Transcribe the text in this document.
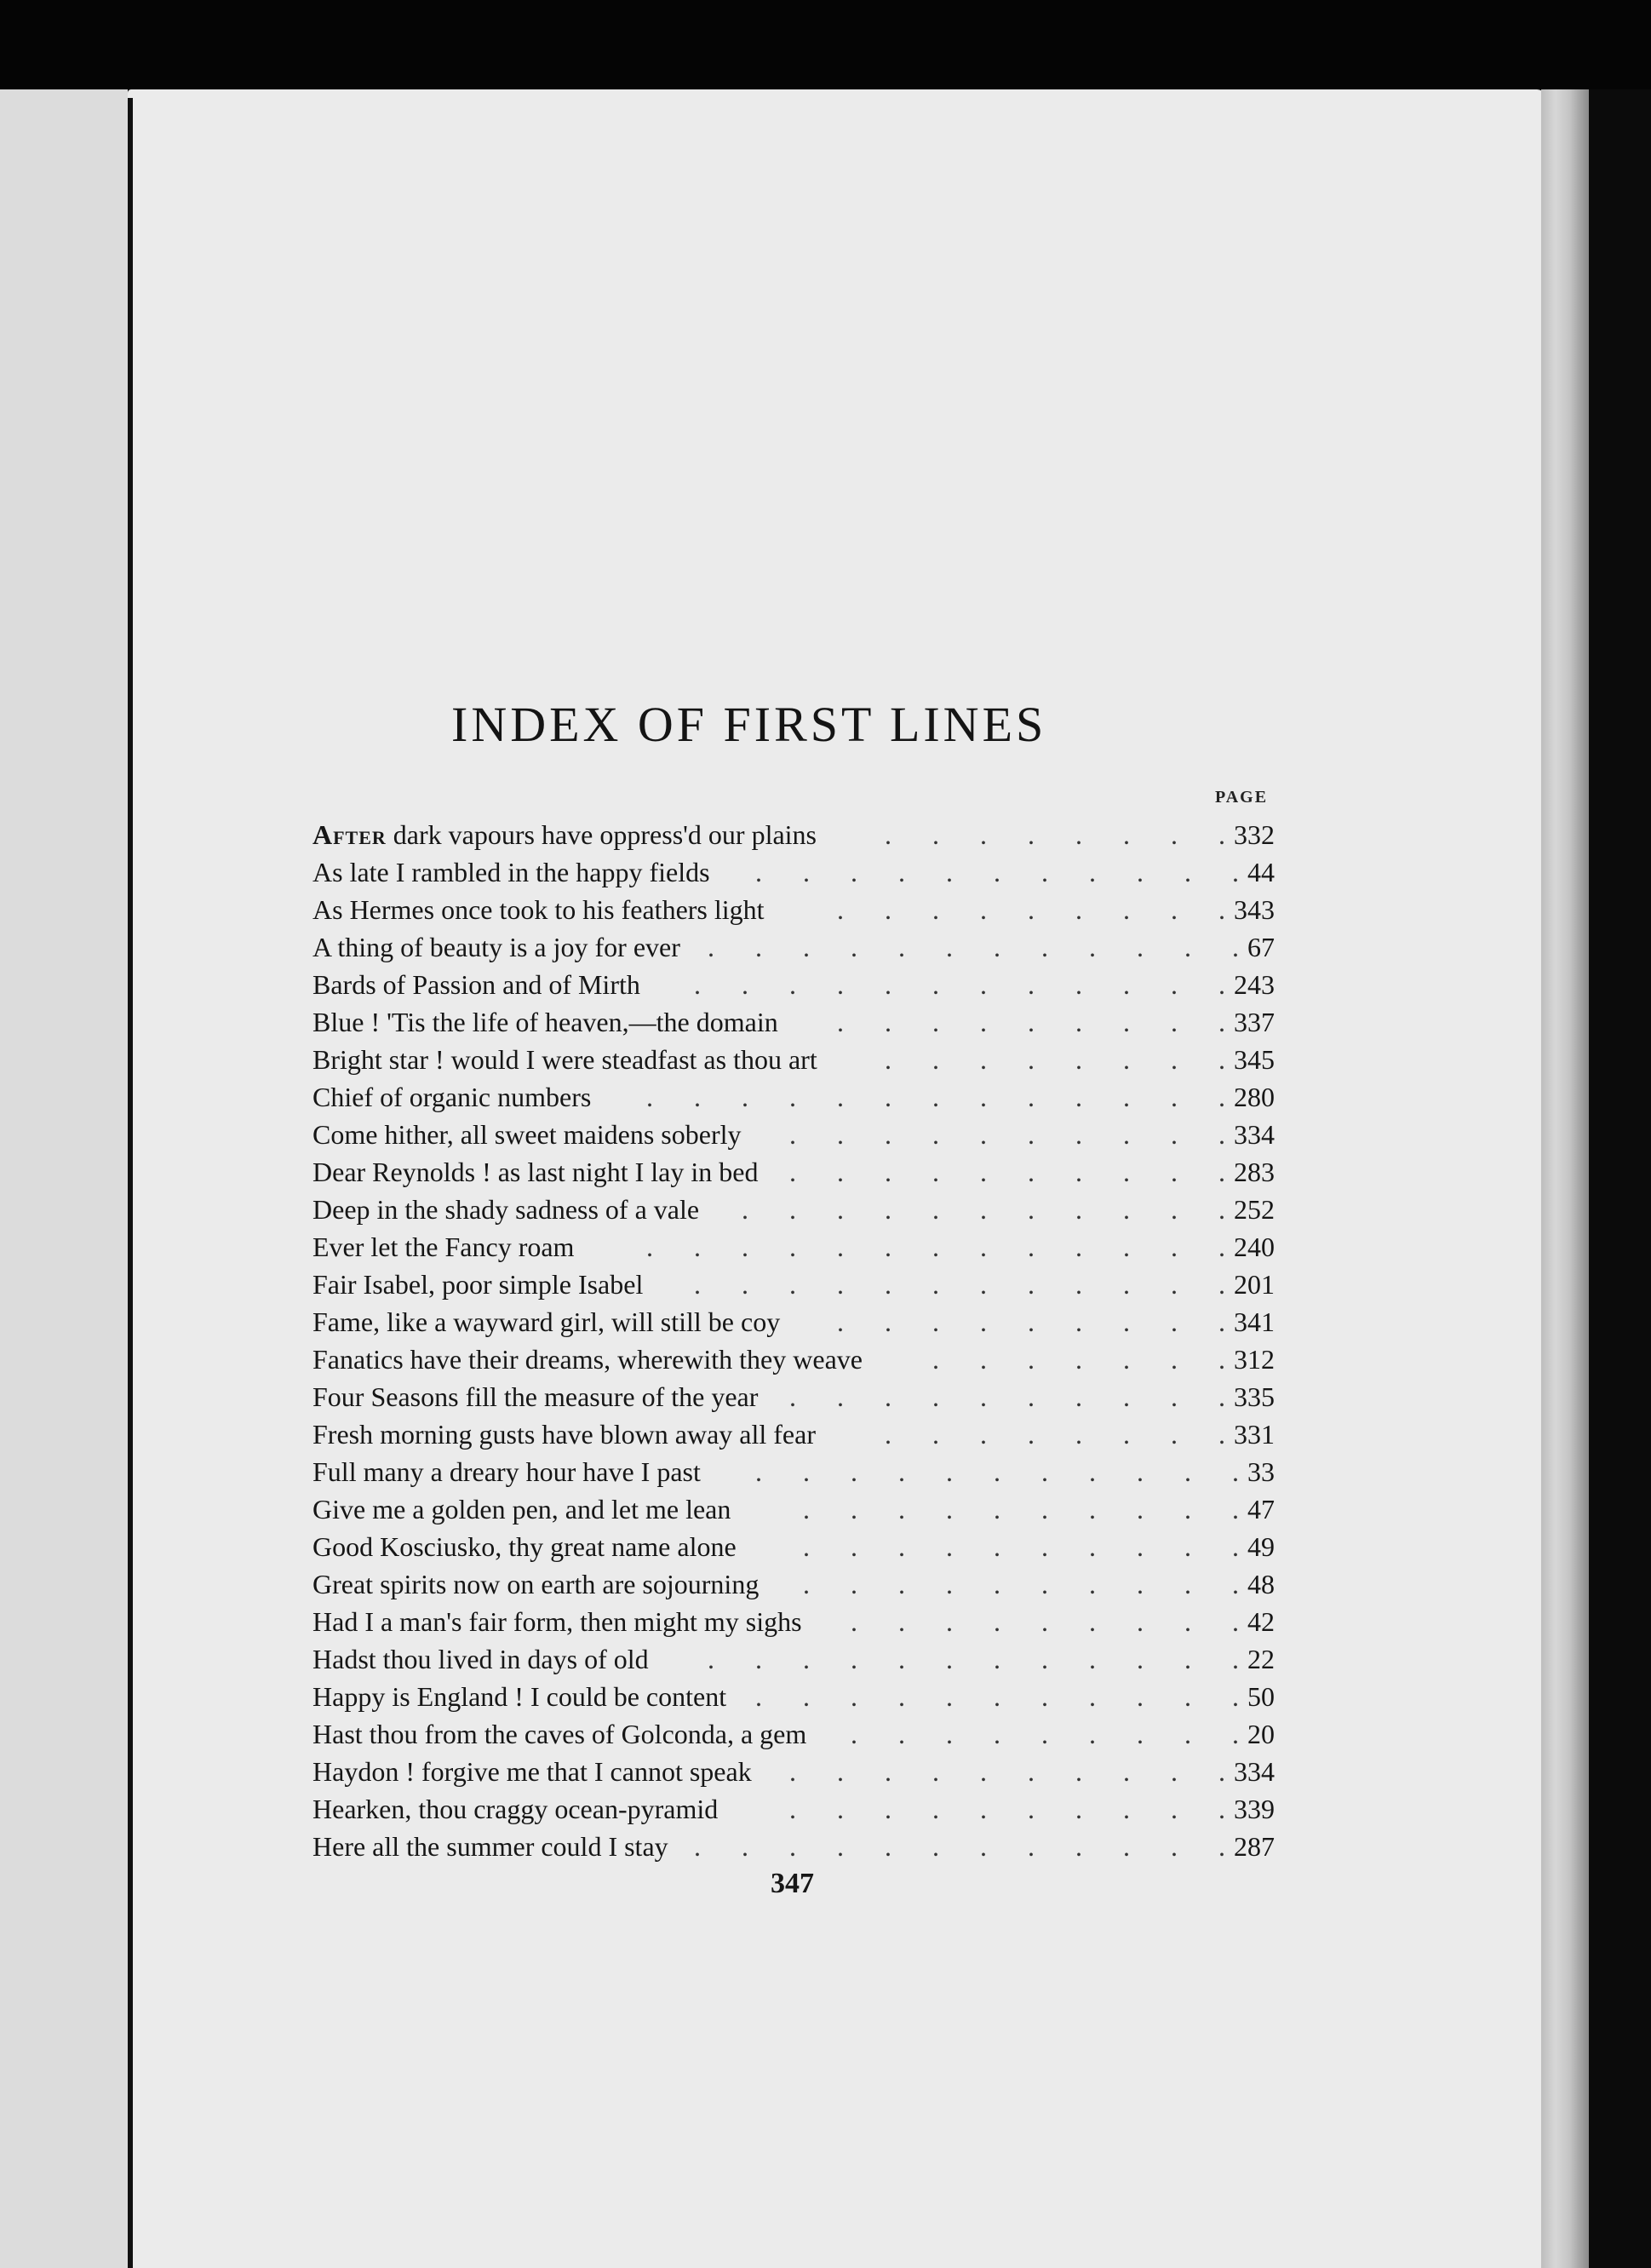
INDEX OF FIRST LINES
PAGE
After dark vapours have oppress'd our plains	332
.
.
.
.
.
.
.
.
As late I rambled in the happy fields	44
.
.
.
.
.
.
.
.
.
.
.
As Hermes once took to his feathers light	343
.
.
.
.
.
.
.
.
.
A thing of beauty is a joy for ever	67
.
.
.
.
.
.
.
.
.
.
.
.
Bards of Passion and of Mirth	243
.
.
.
.
.
.
.
.
.
.
.
.
Blue ! 'Tis the life of heaven,—the domain	337
.
.
.
.
.
.
.
.
.
Bright star ! would I were steadfast as thou art	345
.
.
.
.
.
.
.
.
Chief of organic numbers	280
.
.
.
.
.
.
.
.
.
.
.
.
.
Come hither, all sweet maidens soberly	334
.
.
.
.
.
.
.
.
.
.
Dear Reynolds ! as last night I lay in bed	283
.
.
.
.
.
.
.
.
.
.
Deep in the shady sadness of a vale	252
.
.
.
.
.
.
.
.
.
.
.
Ever let the Fancy roam	240
.
.
.
.
.
.
.
.
.
.
.
.
.
Fair Isabel, poor simple Isabel	201
.
.
.
.
.
.
.
.
.
.
.
.
Fame, like a wayward girl, will still be coy	341
.
.
.
.
.
.
.
.
.
Fanatics have their dreams, wherewith they weave	312
.
.
.
.
.
.
.
Four Seasons fill the measure of the year	335
.
.
.
.
.
.
.
.
.
.
Fresh morning gusts have blown away all fear	331
.
.
.
.
.
.
.
.
Full many a dreary hour have I past	33
.
.
.
.
.
.
.
.
.
.
.
Give me a golden pen, and let me lean	47
.
.
.
.
.
.
.
.
.
.
Good Kosciusko, thy great name alone	49
.
.
.
.
.
.
.
.
.
.
Great spirits now on earth are sojourning	48
.
.
.
.
.
.
.
.
.
.
Had I a man's fair form, then might my sighs	42
.
.
.
.
.
.
.
.
.
Hadst thou lived in days of old	22
.
.
.
.
.
.
.
.
.
.
.
.
Happy is England ! I could be content	50
.
.
.
.
.
.
.
.
.
.
.
Hast thou from the caves of Golconda, a gem	20
.
.
.
.
.
.
.
.
.
Haydon ! forgive me that I cannot speak	334
.
.
.
.
.
.
.
.
.
.
Hearken, thou craggy ocean-pyramid	339
.
.
.
.
.
.
.
.
.
.
Here all the summer could I stay	287
.
.
.
.
.
.
.
.
.
.
.
.
347
